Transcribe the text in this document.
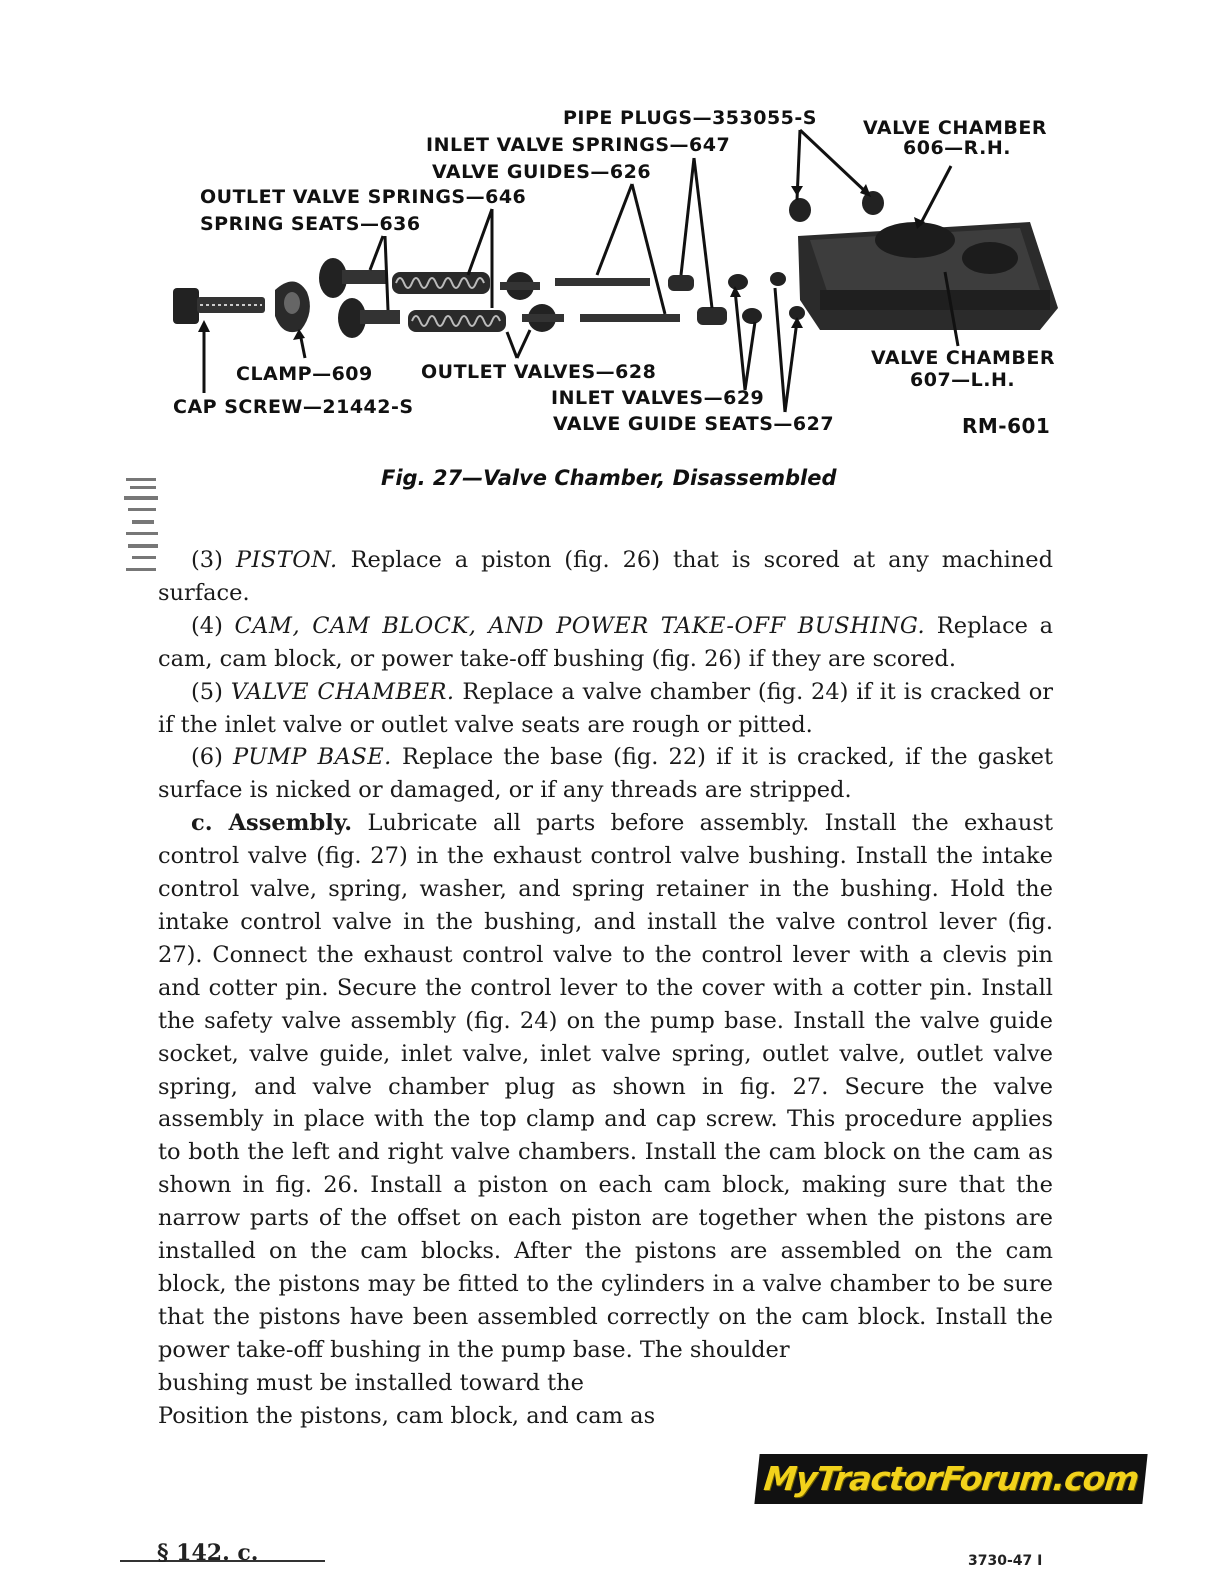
PIPE PLUGS—353055-S
INLET VALVE SPRINGS—647
VALVE GUIDES—626
OUTLET VALVE SPRINGS—646
SPRING SEATS—636
VALVE CHAMBER
606—R.H.
VALVE CHAMBER
607—L.H.
CLAMP—609
CAP SCREW—21442-S
OUTLET VALVES—628
INLET VALVES—629
VALVE GUIDE SEATS—627	RM-601
Fig. 27—Valve Chamber, Disassembled

(3) PISTON. Replace a piston (fig. 26) that is scored at any machined surface.

(4) CAM, CAM BLOCK, AND POWER TAKE-OFF BUSHING. Replace a cam, cam block, or power take-off bushing (fig. 26) if they are scored.

(5) VALVE CHAMBER. Replace a valve chamber (fig. 24) if it is cracked or if the inlet valve or outlet valve seats are rough or pitted.

(6) PUMP BASE. Replace the base (fig. 22) if it is cracked, if the gasket surface is nicked or damaged, or if any threads are stripped.

c. Assembly. Lubricate all parts before assembly. Install the exhaust control valve (fig. 27) in the exhaust control valve bushing. Install the intake control valve, spring, washer, and spring retainer in the bushing. Hold the intake control valve in the bushing, and install the valve control lever (fig. 27). Connect the exhaust control valve to the control lever with a clevis pin and cotter pin. Secure the control lever to the cover with a cotter pin. Install the safety valve assembly (fig. 24) on the pump base. Install the valve guide socket, valve guide, inlet valve, inlet valve spring, outlet valve, outlet valve spring, and valve chamber plug as shown in fig. 27. Secure the valve assembly in place with the top clamp and cap screw. This procedure applies to both the left and right valve chambers. Install the cam block on the cam as shown in fig. 26. Install a piston on each cam block, making sure that the narrow parts of the offset on each piston are together when the pistons are installed on the cam blocks. After the pistons are assembled on the cam block, the pistons may be fitted to the cylinders in a valve chamber to be sure that the pistons have been assembled correctly on the cam block. Install the power take-off bushing in the pump base. The shoulder

bushing must be installed toward the

Position the pistons, cam block, and cam as

MyTractorForum.com
§ 142. c.	3730-47 I
